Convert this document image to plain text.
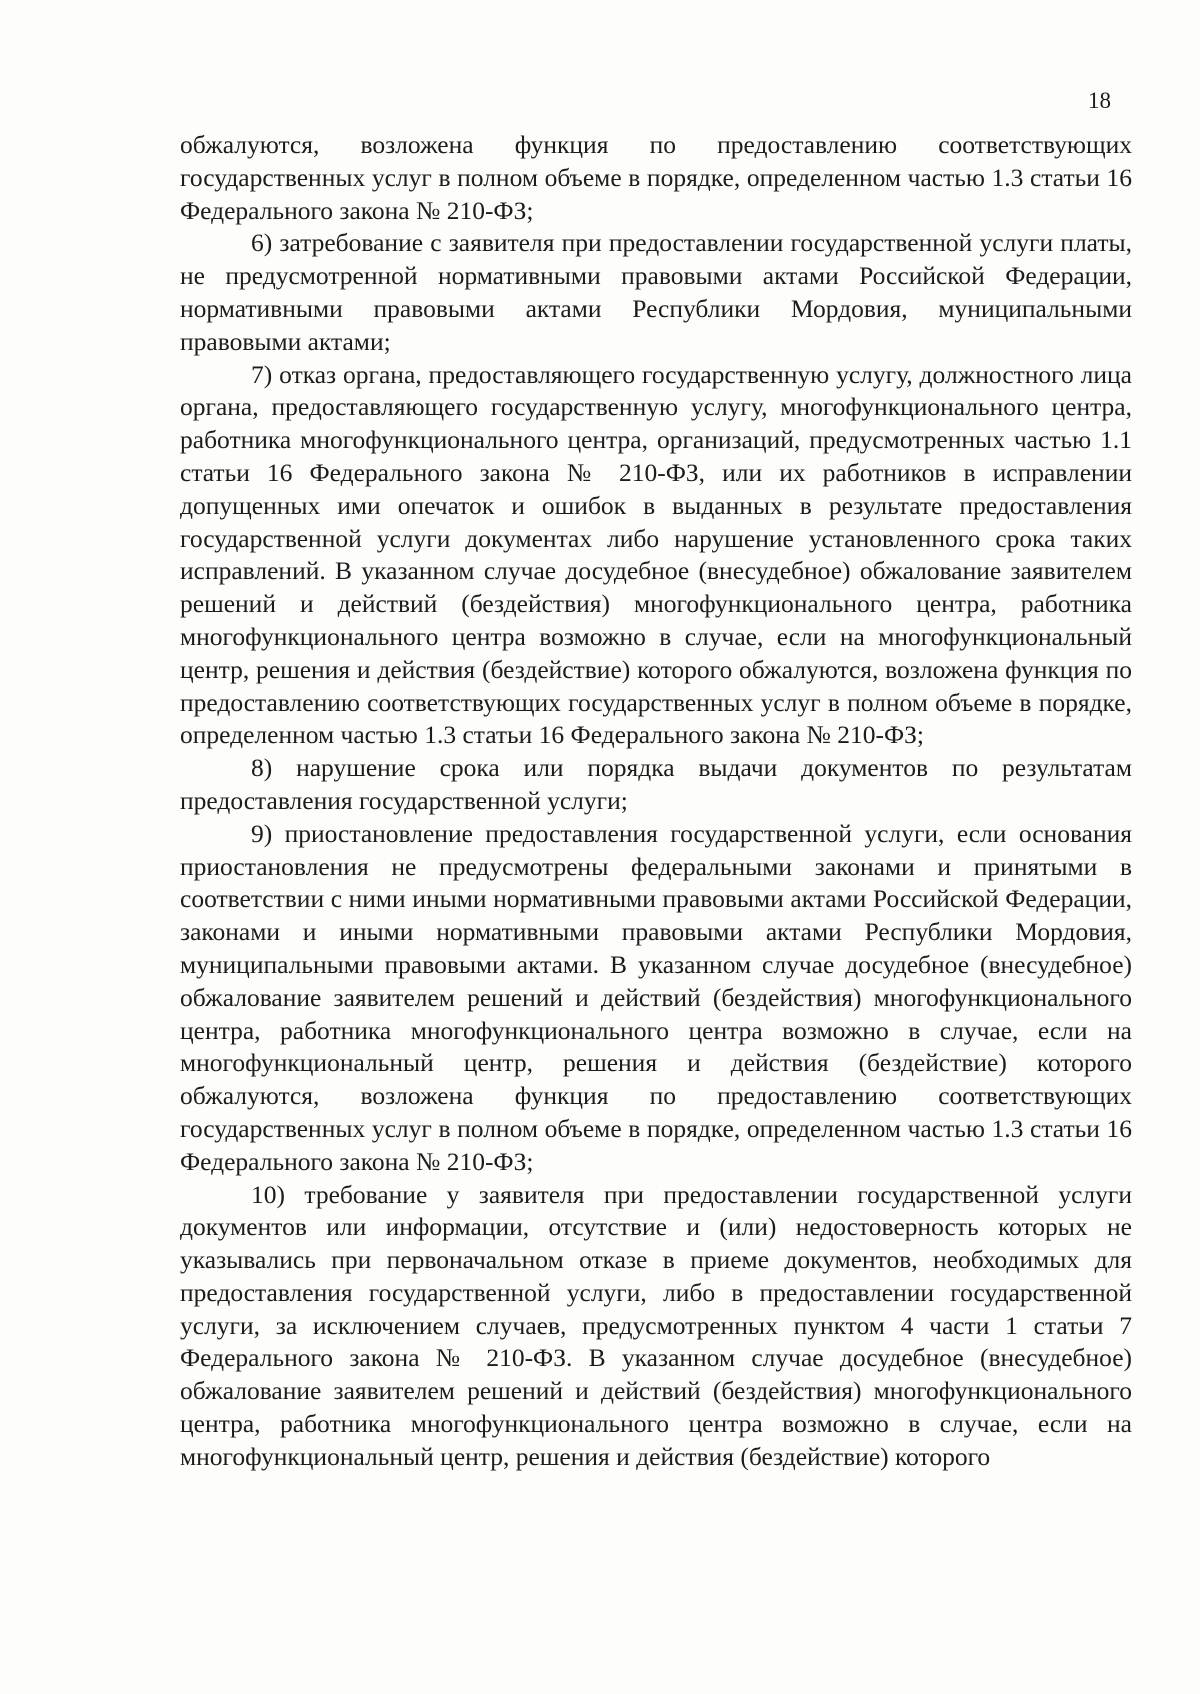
18

обжалуются, возложена функция по предоставлению соответствующих государственных услуг в полном объеме в порядке, определенном частью 1.3 статьи 16 Федерального закона № 210-ФЗ;

6) затребование с заявителя при предоставлении государственной услуги платы, не предусмотренной нормативными правовыми актами Российской Федерации, нормативными правовыми актами Республики Мордовия, муниципальными правовыми актами;

7) отказ органа, предоставляющего государственную услугу, должностного лица органа, предоставляющего государственную услугу, многофункционального центра, работника многофункционального центра, организаций, предусмотренных частью 1.1 статьи 16 Федерального закона № 210-ФЗ, или их работников в исправлении допущенных ими опечаток и ошибок в выданных в результате предоставления государственной услуги документах либо нарушение установленного срока таких исправлений. В указанном случае досудебное (внесудебное) обжалование заявителем решений и действий (бездействия) многофункционального центра, работника многофункционального центра возможно в случае, если на многофункциональный центр, решения и действия (бездействие) которого обжалуются, возложена функция по предоставлению соответствующих государственных услуг в полном объеме в порядке, определенном частью 1.3 статьи 16 Федерального закона № 210-ФЗ;

8) нарушение срока или порядка выдачи документов по результатам предоставления государственной услуги;

9) приостановление предоставления государственной услуги, если основания приостановления не предусмотрены федеральными законами и принятыми в соответствии с ними иными нормативными правовыми актами Российской Федерации, законами и иными нормативными правовыми актами Республики Мордовия, муниципальными правовыми актами. В указанном случае досудебное (внесудебное) обжалование заявителем решений и действий (бездействия) многофункционального центра, работника многофункционального центра возможно в случае, если на многофункциональный центр, решения и действия (бездействие) которого обжалуются, возложена функция по предоставлению соответствующих государственных услуг в полном объеме в порядке, определенном частью 1.3 статьи 16 Федерального закона № 210-ФЗ;

10) требование у заявителя при предоставлении государственной услуги документов или информации, отсутствие и (или) недостоверность которых не указывались при первоначальном отказе в приеме документов, необходимых для предоставления государственной услуги, либо в предоставлении государственной услуги, за исключением случаев, предусмотренных пунктом 4 части 1 статьи 7 Федерального закона № 210-ФЗ. В указанном случае досудебное (внесудебное) обжалование заявителем решений и действий (бездействия) многофункционального центра, работника многофункционального центра возможно в случае, если на многофункциональный центр, решения и действия (бездействие) которого
